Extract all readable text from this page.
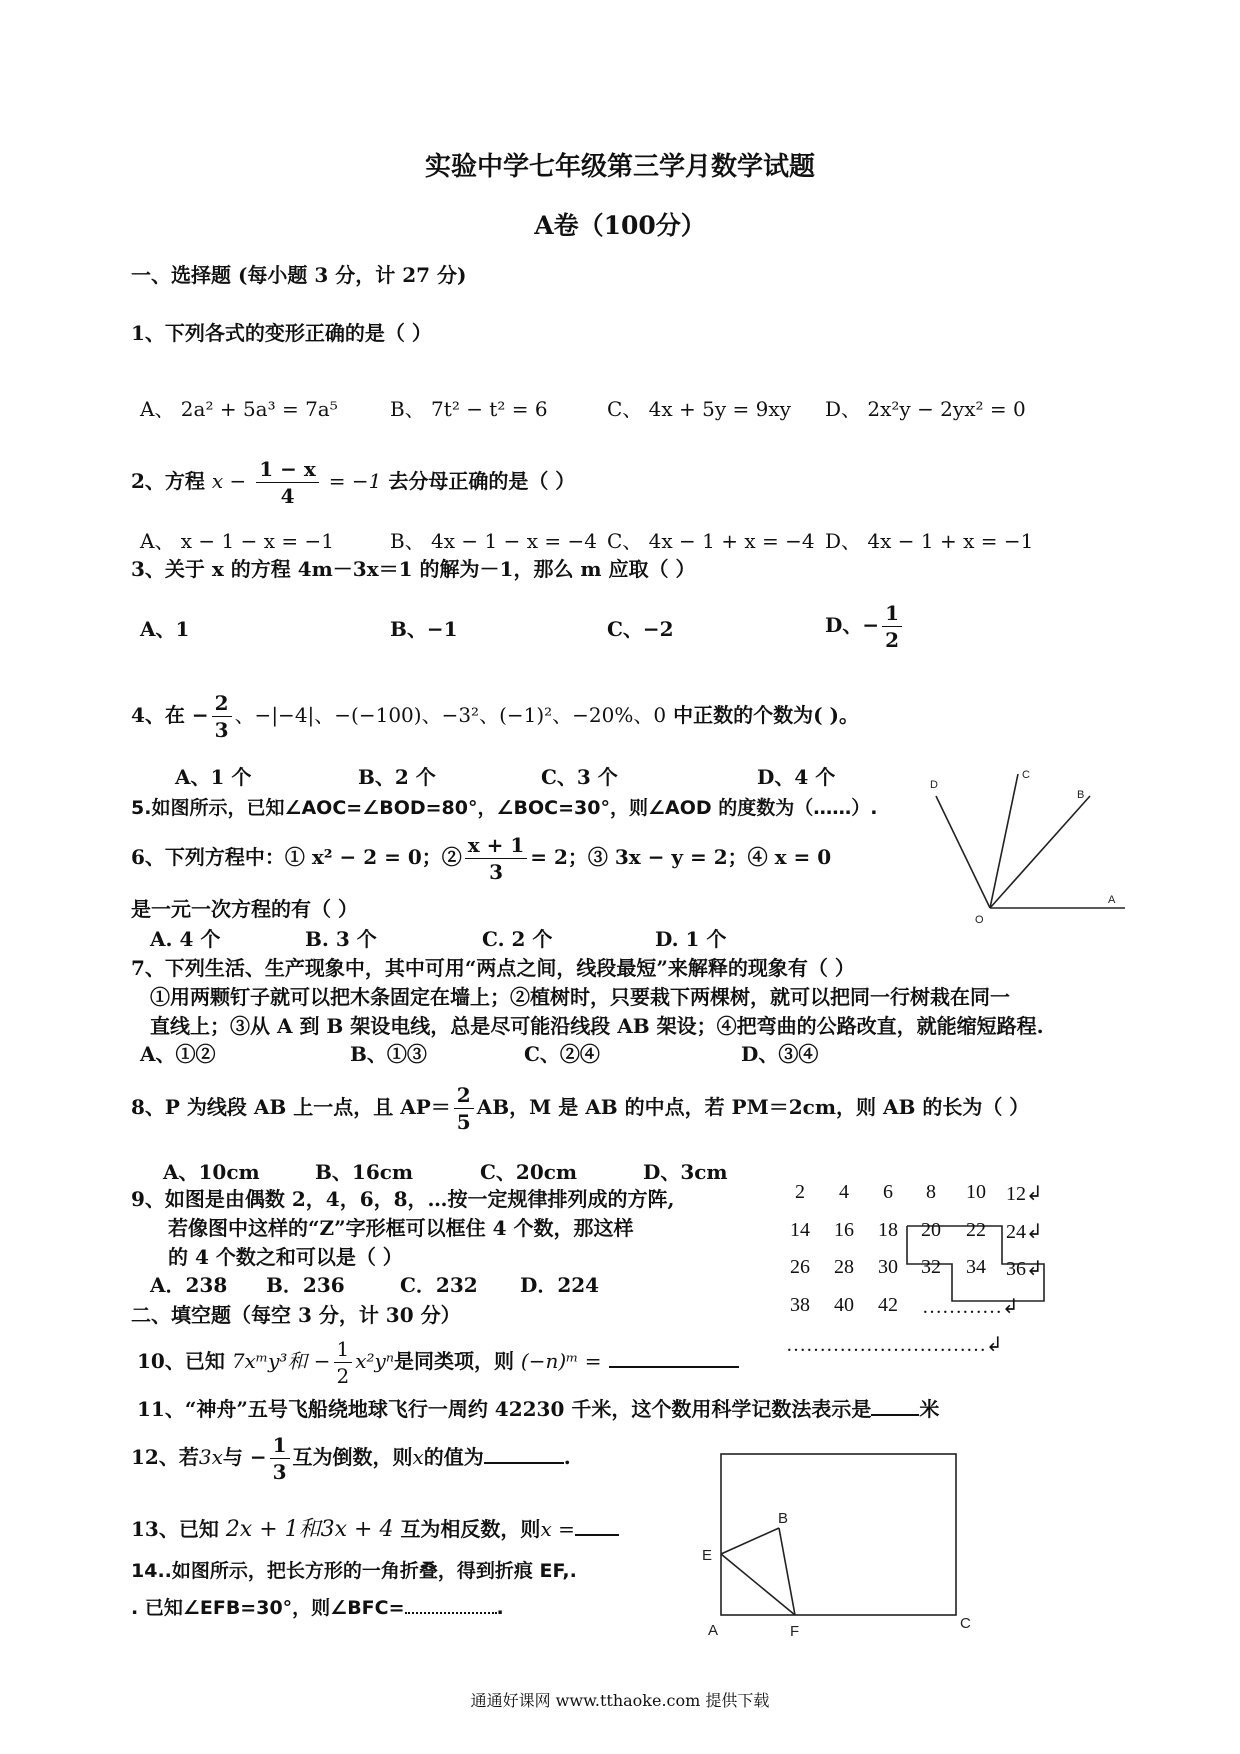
实验中学七年级第三学月数学试题
A卷（100分）
一、选择题 (每小题 3 分，计 27 分)
1、下列各式的变形正确的是（ ）
A、 2a² + 5a³ = 7a⁵	B、 7t² − t² = 6	C、 4x + 5y = 9xy D、 2x²y − 2yx² = 0
2、方程 $x - \frac{1 - x}{4} = -1$ 去分母正确的是（ ）
A、 x − 1 − x = −1	B、 4x − 1 − x = −4 C、 4x − 1 + x = −4 D、 4x − 1 + x = −1
3、关于 x 的方程 4m－3x＝1 的解为－1，那么 m 应取（ ）
A、1	B、−1	C、−2	D、− $\frac{1}{2}$
4、在 − $\frac{2}{3}$ 、−|−4|、−(−100)、−3²、(−1)²、−20%、0 中正数的个数为( )。
A、1 个	B、2 个	C、3 个	D、4 个
5.如图所示，已知∠AOC=∠BOD=80°，∠BOC=30°，则∠AOD 的度数为（……）.
D
C
B
O
A
6、下列方程中：① x² − 2 = 0；② $\frac{x + 1}{3} = 2$；③ 3x − y = 2；④ x = 0
是一元一次方程的有（ ）
A. 4 个	B. 3 个	C. 2 个	D. 1 个
7、下列生活、生产现象中，其中可用“两点之间，线段最短”来解释的现象有（ ）
①用两颗钉子就可以把木条固定在墙上；②植树时，只要栽下两棵树，就可以把同一行树栽在同一
直线上；③从 A 到 B 架设电线，总是尽可能沿线段 AB 架设；④把弯曲的公路改直，就能缩短路程.
A、①②	B、①③	C、②④	D、③④
8、P 为线段 AB 上一点，且 $AP= \frac{2}{5}$ AB，M 是 AB 的中点，若 PM＝2cm，则 AB 的长为（ ）
A、10cm	B、16cm	C、20cm	D、3cm
9、如图是由偶数 2，4，6，8，…按一定规律排列成的方阵,
若像图中这样的“Z”字形框可以框住 4 个数，那这样
的 4 个数之和可以是（ ）
A．238 B．236	C．232 D．224
2	4	6	8	10	12↲
14	16	18	20	22	24↲
26	28	30	32	34	36↲
38	40	42	…………↲
…………………………↲
二、填空题（每空 3 分，计 30 分）
10、已知 7xᵐy³和 − $\frac{1}{2} x^2y^n$是同类项，则 (−n)ᵐ =
11、“神舟”五号飞船绕地球飞行一周约 42230 千米，这个数用科学记数法表示是 米
12、若3x与 − $\frac{1}{3}$ 互为倒数，则x的值为	.
13、已知 2x + 1和3x + 4 互为相反数，则x =
14..如图所示，把长方形的一角折叠，得到折痕 EF,.
. 已知∠EFB=30°，则∠BFC=	.
B
E
A	F	C
通通好课网 www.tthaoke.com 提供下载
